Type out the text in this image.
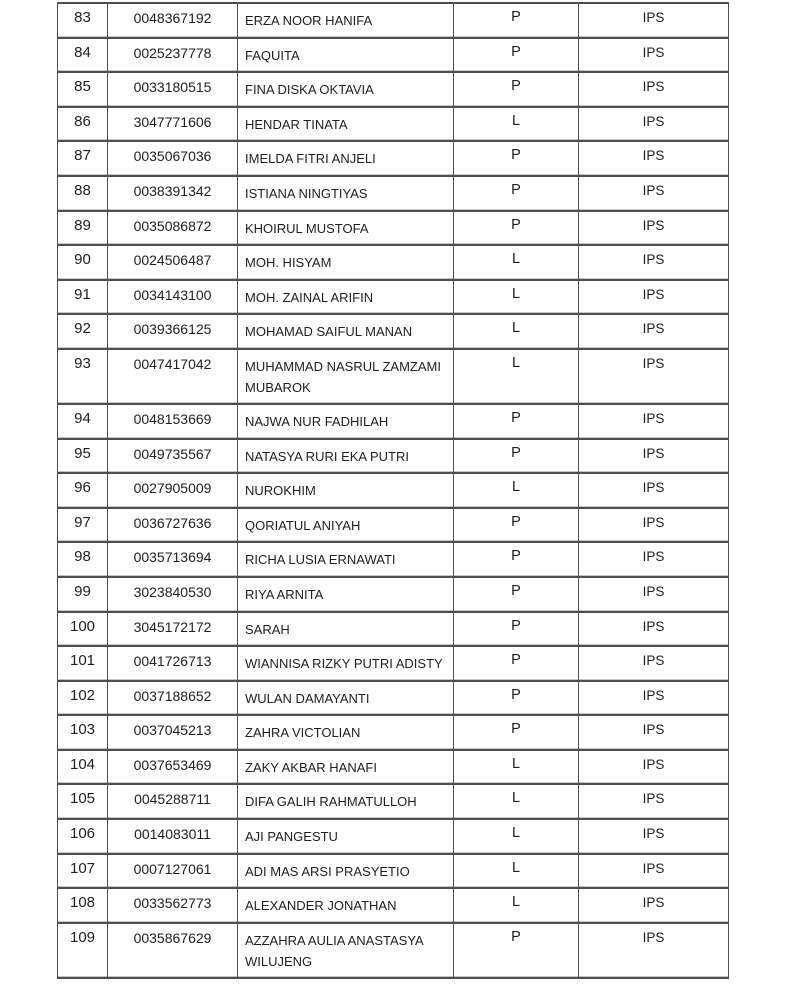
83	0048367192	ERZA NOOR HANIFA	P	IPS
84	0025237778	FAQUITA	P	IPS
85	0033180515	FINA DISKA OKTAVIA	P	IPS
86	3047771606	HENDAR TINATA	L	IPS
87	0035067036	IMELDA FITRI ANJELI	P	IPS
88	0038391342	ISTIANA NINGTIYAS	P	IPS
89	0035086872	KHOIRUL MUSTOFA	P	IPS
90	0024506487	MOH. HISYAM	L	IPS
91	0034143100	MOH. ZAINAL ARIFIN	L	IPS
92	0039366125	MOHAMAD SAIFUL MANAN	L	IPS
93	0047417042	MUHAMMAD NASRUL ZAMZAMI MUBAROK	L	IPS
94	0048153669	NAJWA NUR FADHILAH	P	IPS
95	0049735567	NATASYA RURI EKA PUTRI	P	IPS
96	0027905009	NUROKHIM	L	IPS
97	0036727636	QORIATUL ANIYAH	P	IPS
98	0035713694	RICHA LUSIA ERNAWATI	P	IPS
99	3023840530	RIYA ARNITA	P	IPS
100	3045172172	SARAH	P	IPS
101	0041726713	WIANNISA RIZKY PUTRI ADISTY	P	IPS
102	0037188652	WULAN DAMAYANTI	P	IPS
103	0037045213	ZAHRA VICTOLIAN	P	IPS
104	0037653469	ZAKY AKBAR HANAFI	L	IPS
105	0045288711	DIFA GALIH RAHMATULLOH	L	IPS
106	0014083011	AJI PANGESTU	L	IPS
107	0007127061	ADI MAS ARSI PRASYETIO	L	IPS
108	0033562773	ALEXANDER JONATHAN	L	IPS
109	0035867629	AZZAHRA AULIA ANASTASYA WILUJENG	P	IPS
